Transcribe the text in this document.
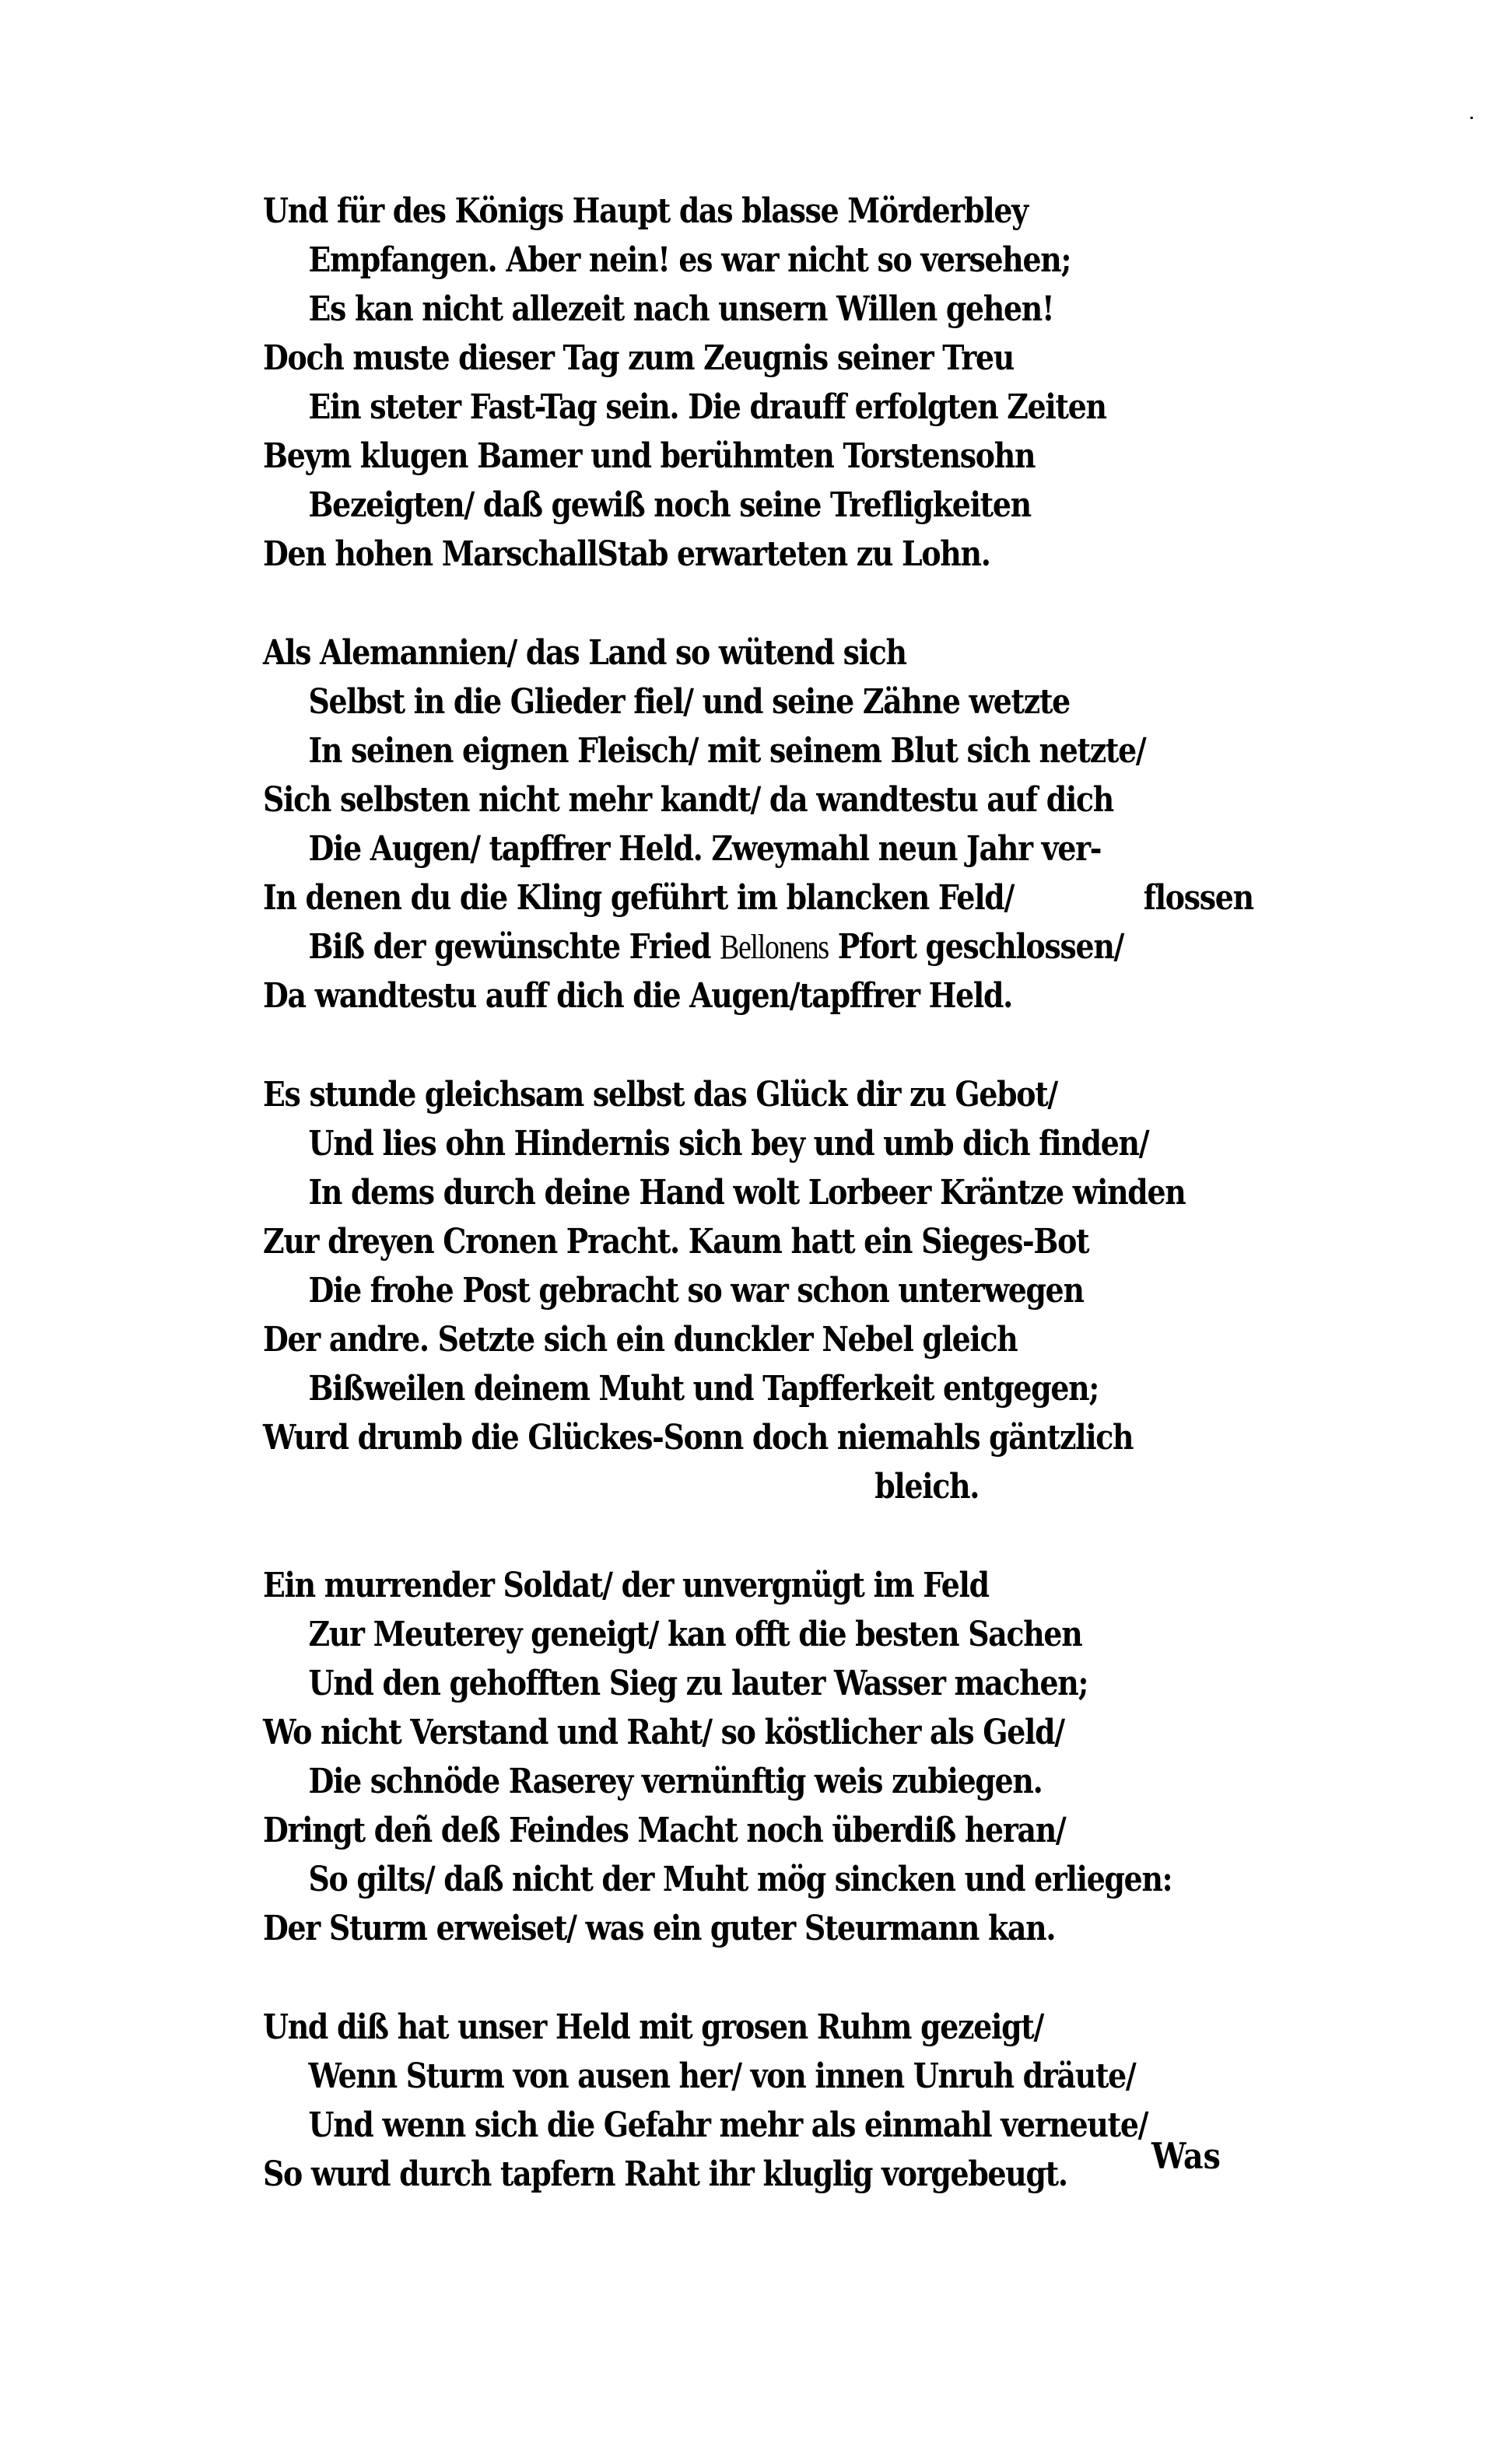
Und für des Königs Haupt das blasse Mörderbley
Empfangen. Aber nein! es war nicht so versehen;
Es kan nicht allezeit nach unsern Willen gehen!
Doch muste dieser Tag zum Zeugnis seiner Treu
Ein steter Fast-Tag sein. Die drauff erfolgten Zeiten
Beym klugen Bamer und berühmten Torstensohn
Bezeigten/ daß gewiß noch seine Trefligkeiten
Den hohen MarschallStab erwarteten zu Lohn.
Als Alemannien/ das Land so wütend sich
Selbst in die Glieder fiel/ und seine Zähne wetzte
In seinen eignen Fleisch/ mit seinem Blut sich netzte/
Sich selbsten nicht mehr kandt/ da wandtestu auf dich
Die Augen/ tapffrer Held. Zweymahl neun Jahr ver-
In denen du die Kling geführt im blancken Feld/	flossen
Biß der gewünschte Fried Bellonens Pfort geschlossen/
Da wandtestu auff dich die Augen/tapffrer Held.
Es stunde gleichsam selbst das Glück dir zu Gebot/
Und lies ohn Hindernis sich bey und umb dich finden/
In dems durch deine Hand wolt Lorbeer Kräntze winden
Zur dreyen Cronen Pracht. Kaum hatt ein Sieges-Bot
Die frohe Post gebracht so war schon unterwegen
Der andre. Setzte sich ein dunckler Nebel gleich
Bißweilen deinem Muht und Tapfferkeit entgegen;
Wurd drumb die Glückes-Sonn doch niemahls gäntzlich
bleich.
Ein murrender Soldat/ der unvergnügt im Feld
Zur Meuterey geneigt/ kan offt die besten Sachen
Und den gehofften Sieg zu lauter Wasser machen;
Wo nicht Verstand und Raht/ so köstlicher als Geld/
Die schnöde Raserey vernünftig weis zubiegen.
Dringt deñ deß Feindes Macht noch überdiß heran/
So gilts/ daß nicht der Muht mög sincken und erliegen:
Der Sturm erweiset/ was ein guter Steurmann kan.
Und diß hat unser Held mit grosen Ruhm gezeigt/
Wenn Sturm von ausen her/ von innen Unruh dräute/
Und wenn sich die Gefahr mehr als einmahl verneute/
So wurd durch tapfern Raht ihr kluglig vorgebeugt.	Was
